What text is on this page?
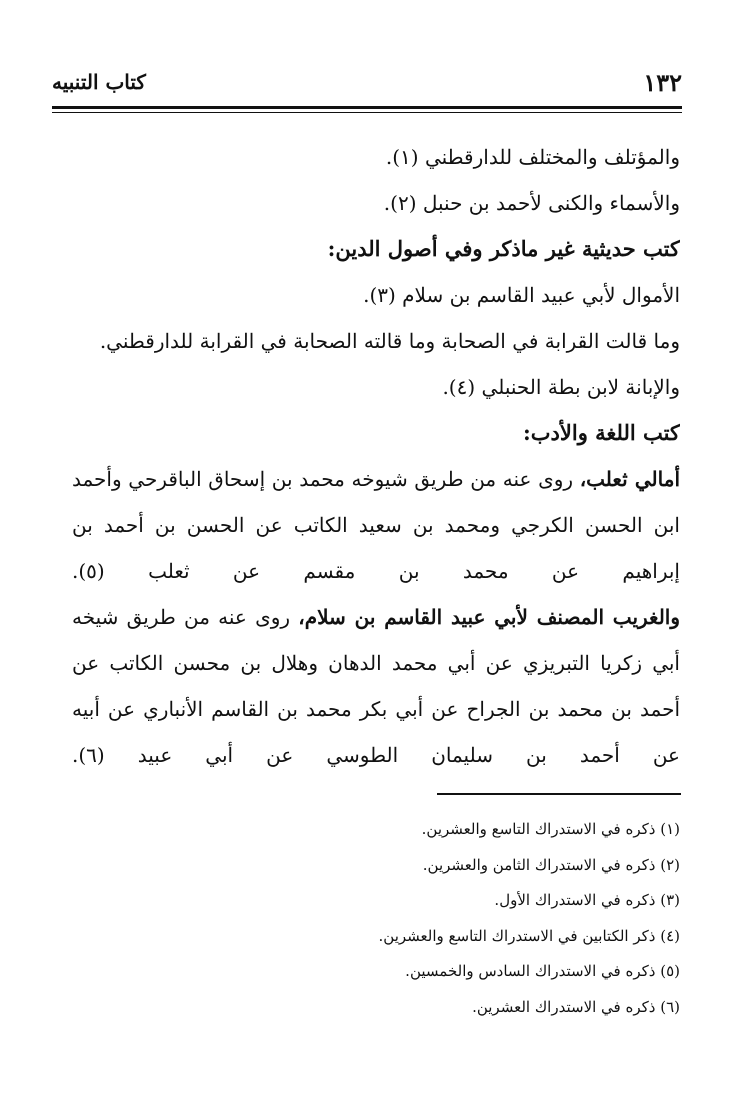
١٣٢
كتاب التنبيه
والمؤتلف والمختلف للدارقطني (١).
والأسماء والكنى لأحمد بن حنبل (٢).
كتب حديثية غير ماذكر وفي أصول الدين:
الأموال لأبي عبيد القاسم بن سلام (٣).
وما قالت القرابة في الصحابة وما قالته الصحابة في القرابة للدارقطني.
والإبانة لابن بطة الحنبلي (٤).
كتب اللغة والأدب:
أمالي ثعلب، روى عنه من طريق شيوخه محمد بن إسحاق الباقرحي وأحمد ابن الحسن الكرجي ومحمد بن سعيد الكاتب عن الحسن بن أحمد بن إبراهيم عن محمد بن مقسم عن ثعلب (٥).
والغريب المصنف لأبي عبيد القاسم بن سلام، روى عنه من طريق شيخه أبي زكريا التبريزي عن أبي محمد الدهان وهلال بن محسن الكاتب عن أحمد بن محمد بن الجراح عن أبي بكر محمد بن القاسم الأنباري عن أبيه عن أحمد بن سليمان الطوسي عن أبي عبيد (٦).
(١) ذكره في الاستدراك التاسع والعشرين.
(٢) ذكره في الاستدراك الثامن والعشرين.
(٣) ذكره في الاستدراك الأول.
(٤) ذكر الكتابين في الاستدراك التاسع والعشرين.
(٥) ذكره في الاستدراك السادس والخمسين.
(٦) ذكره في الاستدراك العشرين.
